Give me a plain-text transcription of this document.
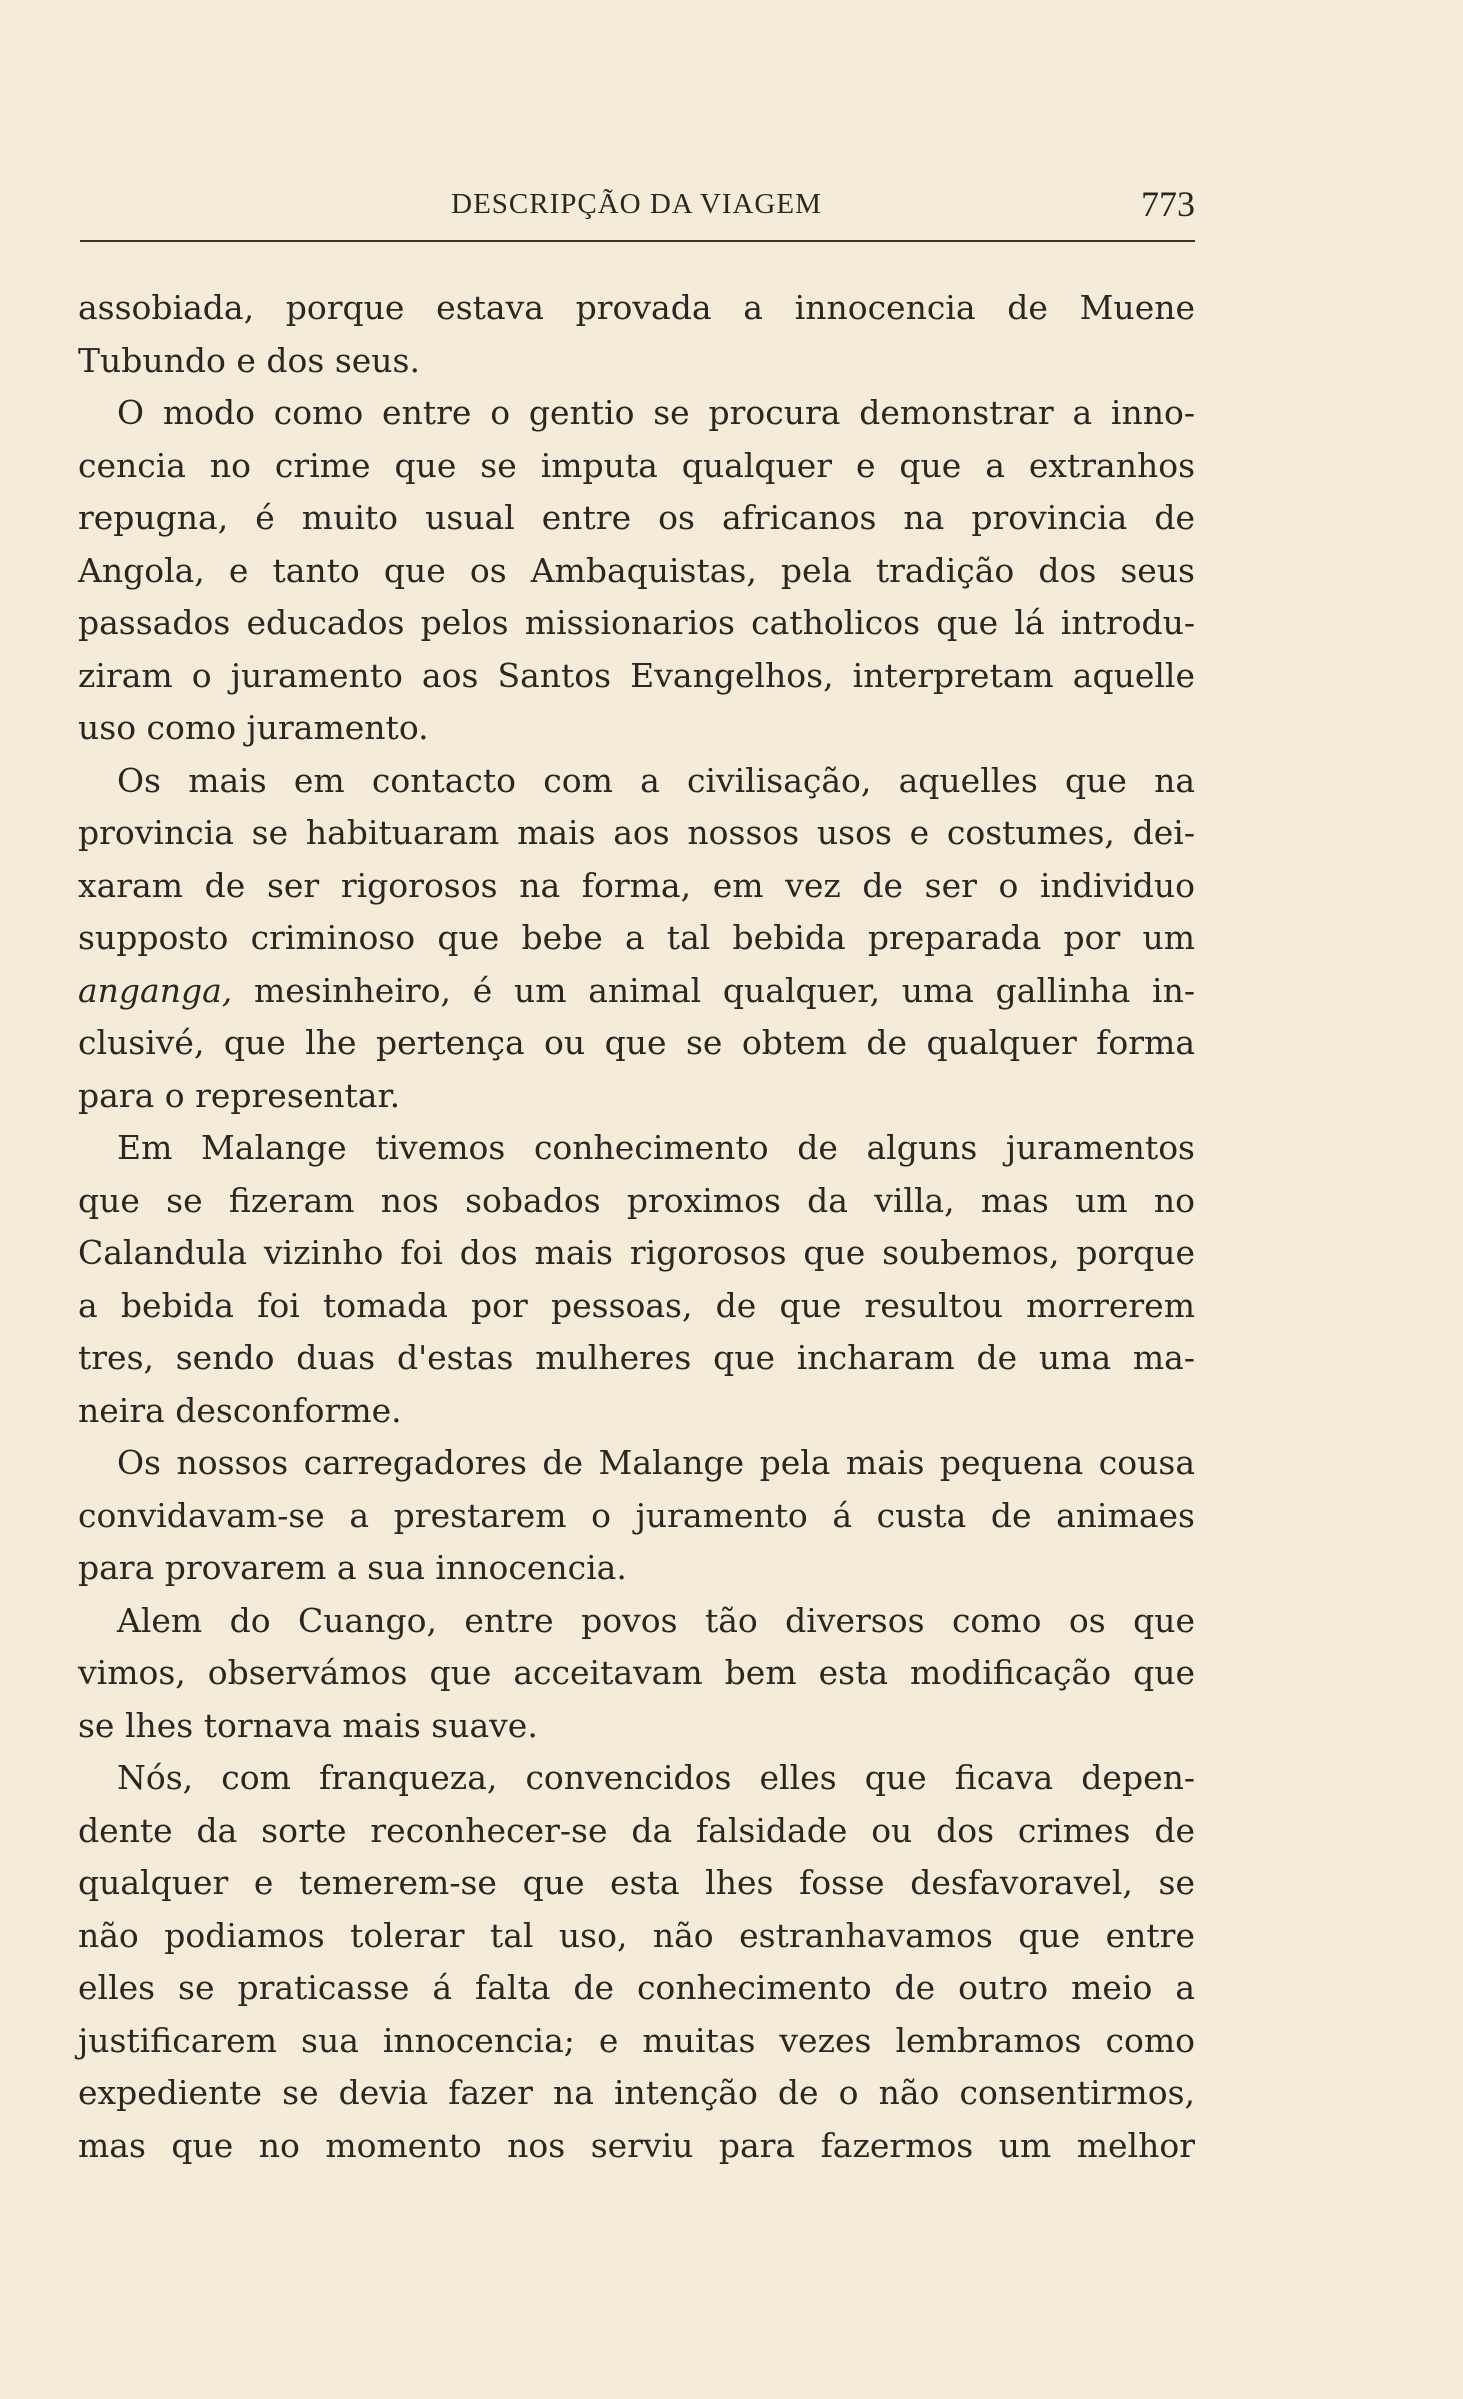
DESCRIPÇÃO DA VIAGEM	773
assobiada, porque estava provada a innocencia de Muene
Tubundo e dos seus.
O modo como entre o gentio se procura demonstrar a inno-
cencia no crime que se imputa qualquer e que a extranhos
repugna, é muito usual entre os africanos na provincia de
Angola, e tanto que os Ambaquistas, pela tradição dos seus
passados educados pelos missionarios catholicos que lá introdu-
ziram o juramento aos Santos Evangelhos, interpretam aquelle
uso como juramento.
Os mais em contacto com a civilisação, aquelles que na
provincia se habituaram mais aos nossos usos e costumes, dei-
xaram de ser rigorosos na forma, em vez de ser o individuo
supposto criminoso que bebe a tal bebida preparada por um
anganga, mesinheiro, é um animal qualquer, uma gallinha in-
clusivé, que lhe pertença ou que se obtem de qualquer forma
para o representar.
Em Malange tivemos conhecimento de alguns juramentos
que se fizeram nos sobados proximos da villa, mas um no
Calandula vizinho foi dos mais rigorosos que soubemos, porque
a bebida foi tomada por pessoas, de que resultou morrerem
tres, sendo duas d'estas mulheres que incharam de uma ma-
neira desconforme.
Os nossos carregadores de Malange pela mais pequena cousa
convidavam-se a prestarem o juramento á custa de animaes
para provarem a sua innocencia.
Alem do Cuango, entre povos tão diversos como os que
vimos, observámos que acceitavam bem esta modificação que
se lhes tornava mais suave.
Nós, com franqueza, convencidos elles que ficava depen-
dente da sorte reconhecer-se da falsidade ou dos crimes de
qualquer e temerem-se que esta lhes fosse desfavoravel, se
não podiamos tolerar tal uso, não estranhavamos que entre
elles se praticasse á falta de conhecimento de outro meio a
justificarem sua innocencia; e muitas vezes lembramos como
expediente se devia fazer na intenção de o não consentirmos,
mas que no momento nos serviu para fazermos um melhor
